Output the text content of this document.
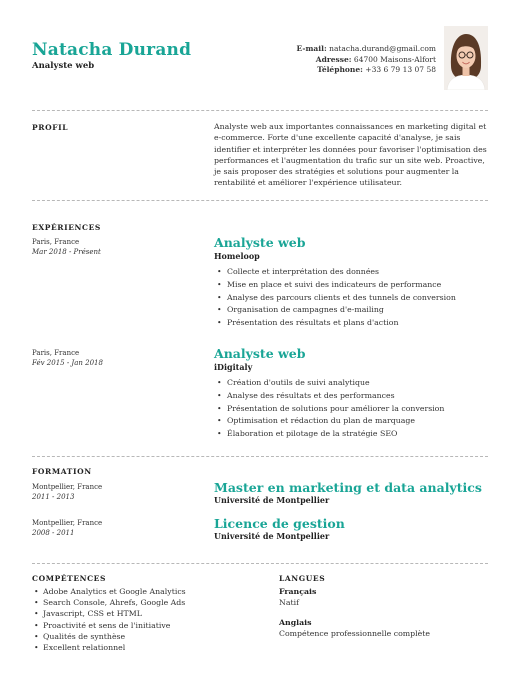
Natacha Durand
Analyste web
E-mail: natacha.durand@gmail.com
Adresse: 64700 Maisons-Alfort
Téléphone: +33 6 79 13 07 58
PROFIL	Analyste web aux importantes connaissances en marketing digital et e-commerce. Forte d'une excellente capacité d'analyse, je sais identifier et interpréter les données pour favoriser l'optimisation des performances et l'augmentation du trafic sur un site web. Proactive, je sais proposer des stratégies et solutions pour augmenter la rentabilité et améliorer l'expérience utilisateur.
EXPÉRIENCES
Paris, France
Mar 2018 - Présent
Analyste web
Homeloop
• Collecte et interprétation des données
• Mise en place et suivi des indicateurs de performance
• Analyse des parcours clients et des tunnels de conversion
• Organisation de campagnes d'e-mailing
• Présentation des résultats et plans d'action
Paris, France
Fév 2015 - Jan 2018
Analyste web
iDigitaly
• Création d'outils de suivi analytique
• Analyse des résultats et des performances
• Présentation de solutions pour améliorer la conversion
• Optimisation et rédaction du plan de marquage
• Élaboration et pilotage de la stratégie SEO
FORMATION
Montpellier, France
2011 - 2013
Master en marketing et data analytics
Université de Montpellier
Montpellier, France
2008 - 2011
Licence de gestion
Université de Montpellier
COMPÉTENCES
• Adobe Analytics et Google Analytics
• Search Console, Ahrefs, Google Ads
• Javascript, CSS et HTML
• Proactivité et sens de l'initiative
• Qualités de synthèse
• Excellent relationnel
LANGUES
Français
Natif
Anglais
Compétence professionnelle complète
